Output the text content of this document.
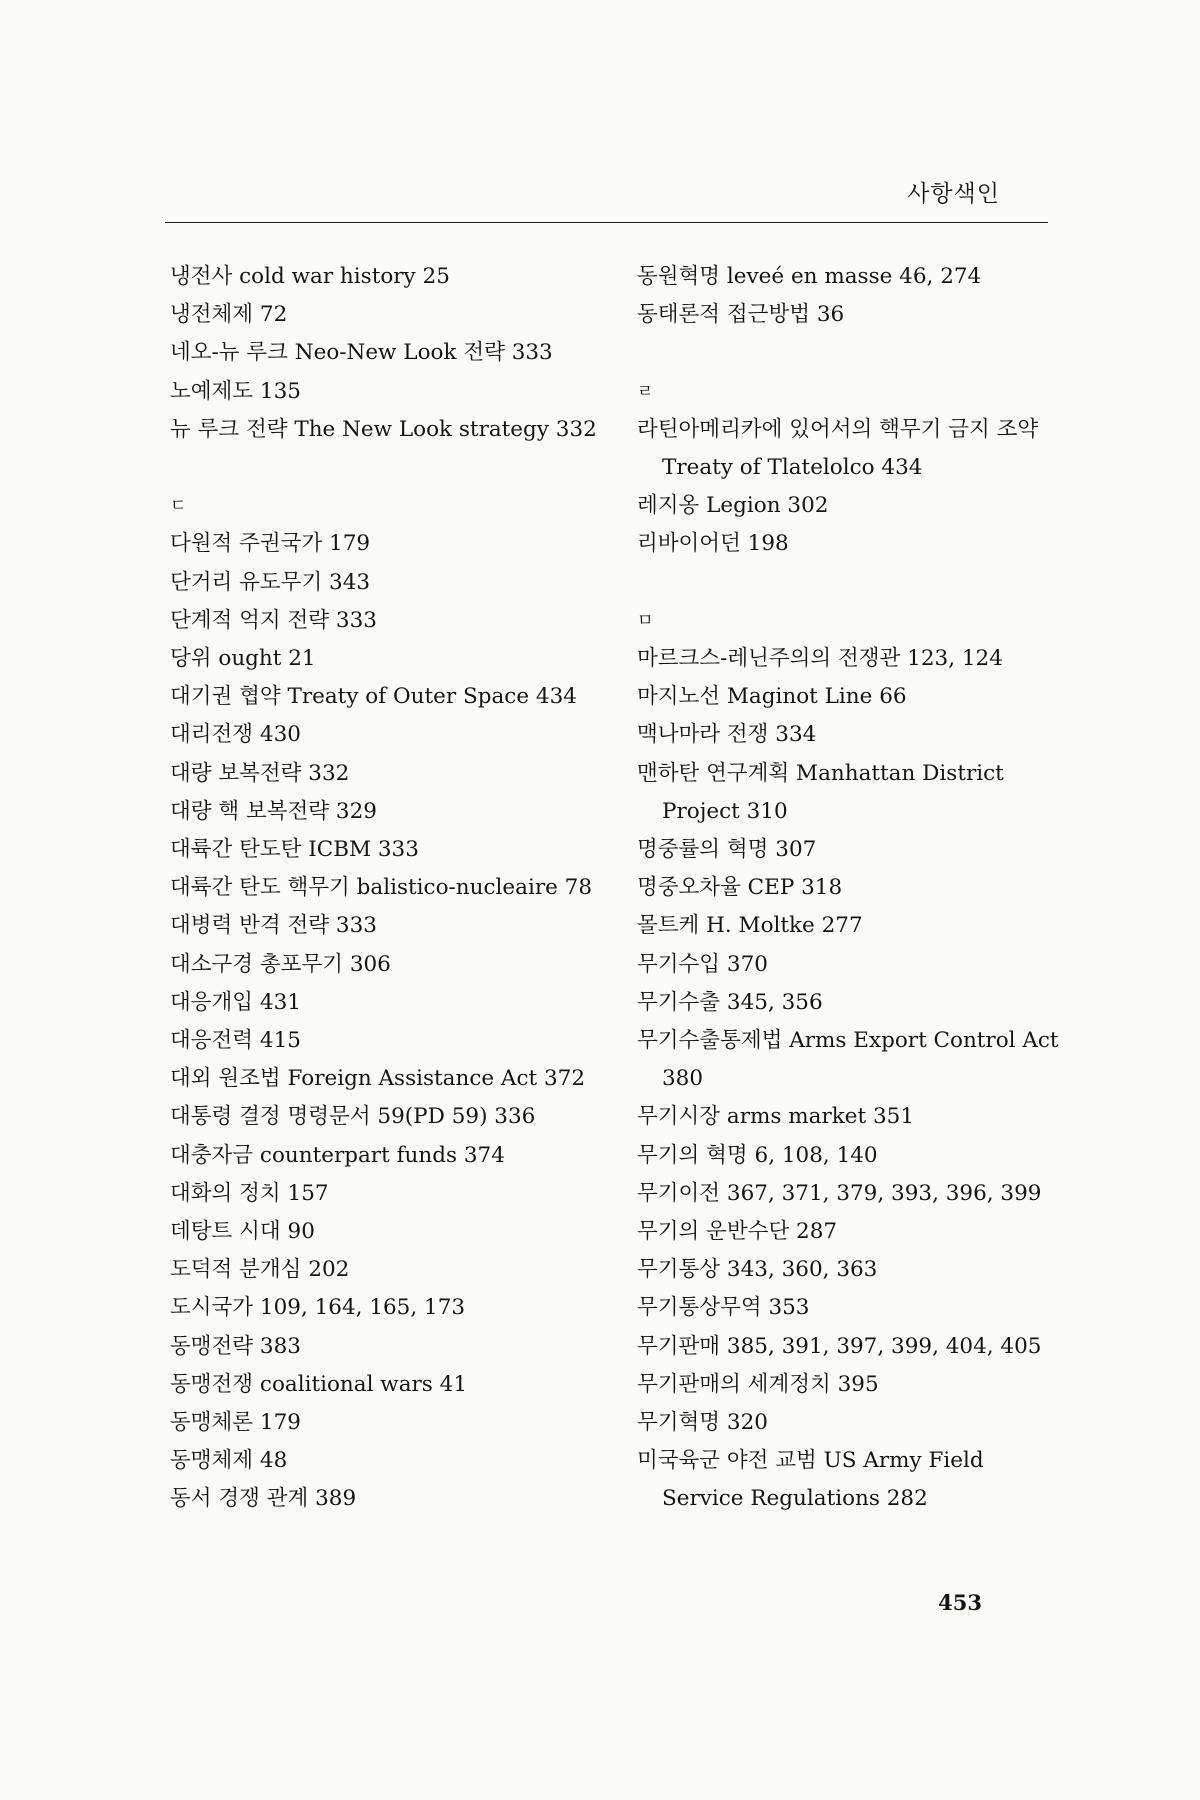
사항색인
냉전사 cold war history 25
냉전체제 72
네오-뉴 루크 Neo-New Look 전략 333
노예제도 135
뉴 루크 전략 The New Look strategy 332
ㄷ
다원적 주권국가 179
단거리 유도무기 343
단계적 억지 전략 333
당위 ought 21
대기권 협약 Treaty of Outer Space 434
대리전쟁 430
대량 보복전략 332
대량 핵 보복전략 329
대륙간 탄도탄 ICBM 333
대륙간 탄도 핵무기 balistico-nucleaire 78
대병력 반격 전략 333
대소구경 총포무기 306
대응개입 431
대응전력 415
대외 원조법 Foreign Assistance Act 372
대통령 결정 명령문서 59(PD 59) 336
대충자금 counterpart funds 374
대화의 정치 157
데탕트 시대 90
도덕적 분개심 202
도시국가 109, 164, 165, 173
동맹전략 383
동맹전쟁 coalitional wars 41
동맹체론 179
동맹체제 48
동서 경쟁 관계 389
동원혁명 leveé en masse 46, 274
동태론적 접근방법 36
ㄹ
라틴아메리카에 있어서의 핵무기 금지 조약 Treaty of Tlatelolco 434
레지옹 Legion 302
리바이어던 198
ㅁ
마르크스-레닌주의의 전쟁관 123, 124
마지노선 Maginot Line 66
맥나마라 전쟁 334
맨하탄 연구계획 Manhattan District Project 310
명중률의 혁명 307
명중오차율 CEP 318
몰트케 H. Moltke 277
무기수입 370
무기수출 345, 356
무기수출통제법 Arms Export Control Act 380
무기시장 arms market 351
무기의 혁명 6, 108, 140
무기이전 367, 371, 379, 393, 396, 399
무기의 운반수단 287
무기통상 343, 360, 363
무기통상무역 353
무기판매 385, 391, 397, 399, 404, 405
무기판매의 세계정치 395
무기혁명 320
미국육군 야전 교범 US Army Field Service Regulations 282
453
